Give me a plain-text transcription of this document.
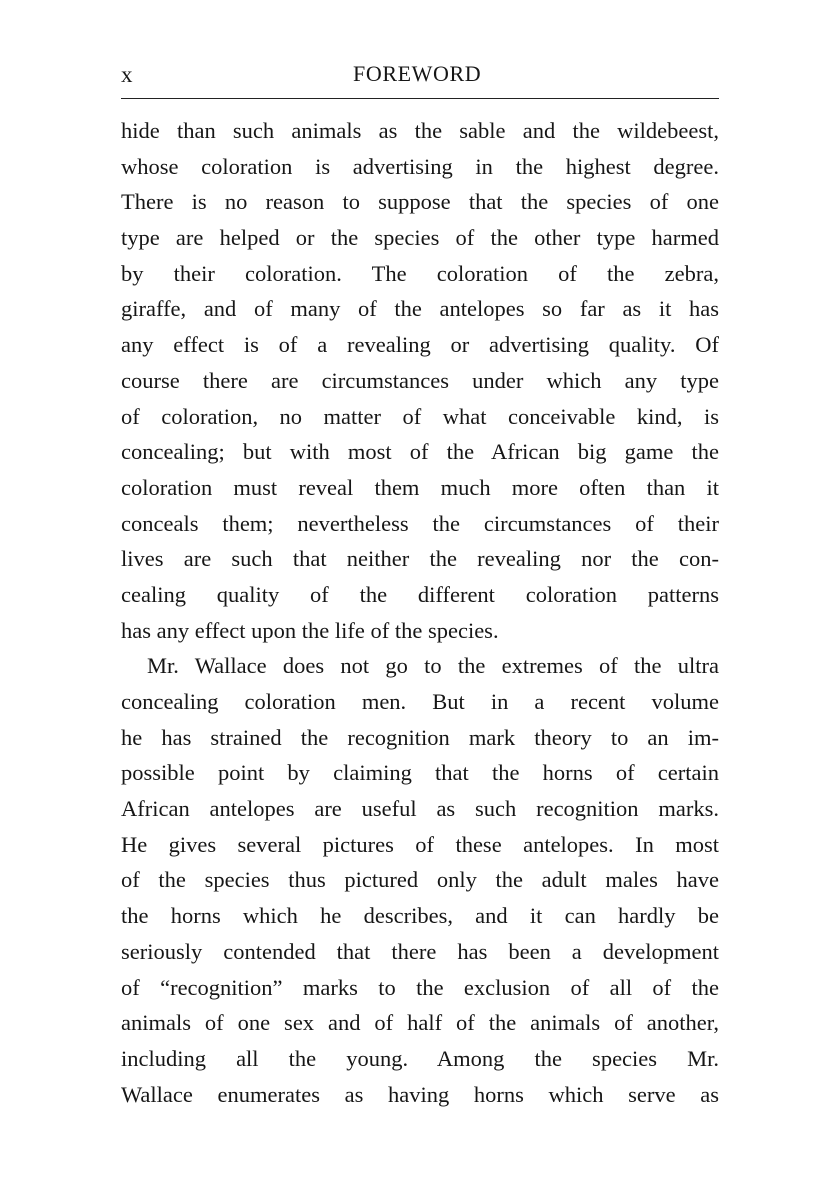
x	FOREWORD
hide than such animals as the sable and the wildebeest,
whose coloration is advertising in the highest degree.
There is no reason to suppose that the species of one
type are helped or the species of the other type harmed
by their coloration. The coloration of the zebra,
giraffe, and of many of the antelopes so far as it has
any effect is of a revealing or advertising quality. Of
course there are circumstances under which any type
of coloration, no matter of what conceivable kind, is
concealing; but with most of the African big game the
coloration must reveal them much more often than it
conceals them; nevertheless the circumstances of their
lives are such that neither the revealing nor the con-
cealing quality of the different coloration patterns
has any effect upon the life of the species.
Mr. Wallace does not go to the extremes of the ultra
concealing coloration men. But in a recent volume
he has strained the recognition mark theory to an im-
possible point by claiming that the horns of certain
African antelopes are useful as such recognition marks.
He gives several pictures of these antelopes. In most
of the species thus pictured only the adult males have
the horns which he describes, and it can hardly be
seriously contended that there has been a development
of “recognition” marks to the exclusion of all of the
animals of one sex and of half of the animals of another,
including all the young. Among the species Mr.
Wallace enumerates as having horns which serve as
